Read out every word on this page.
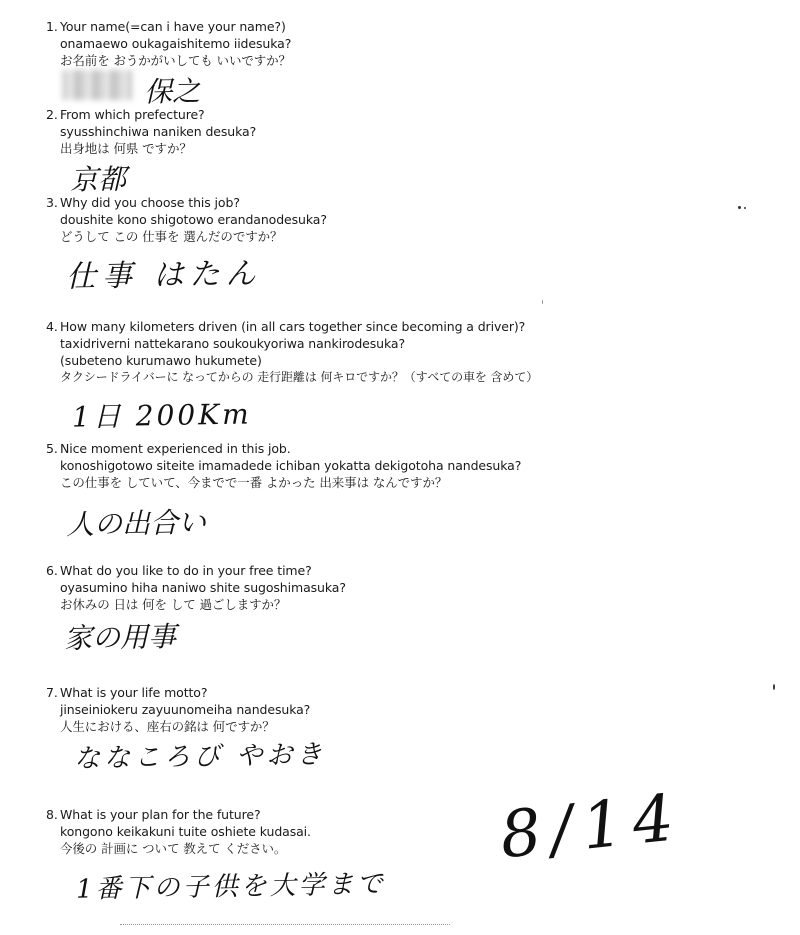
1. Your name(=can i have your name?)
onamaewo oukagaishitemo iidesuka?
お名前を おうかがいしても いいですか？
保之
2. From which prefecture?
syusshinchiwa naniken desuka?
出身地は 何県 ですか？
京都
3. Why did you choose this job?
doushite kono shigotowo erandanodesuka?
どうして この 仕事を 選んだのですか？
仕事 はたん
4. How many kilometers driven (in all cars together since becoming a driver)?
taxidriverni nattekarano soukoukyoriwa nankirodesuka?
(subeteno kurumawo hukumete)
タクシードライバーに なってからの 走行距離は 何キロですか？（すべての車を 含めて）
1日 200Km
5. Nice moment experienced in this job.
konoshigotowo siteite imamadede ichiban yokatta dekigotoha nandesuka?
この仕事を していて、今までで一番 よかった 出来事は なんですか？
人の出合い
6. What do you like to do in your free time?
oyasumino hiha naniwo shite sugoshimasuka?
お休みの 日は 何を して 過ごしますか？
家の用事
7. What is your life motto?
jinseiniokeru zayuunomeiha nandesuka?
人生における、座右の銘は 何ですか？
ななころび やおき
8. What is your plan for the future?
kongono keikakuni tuite oshiete kudasai.
今後の 計画に ついて 教えて ください。
1番下の子供を大学まで
8/14
